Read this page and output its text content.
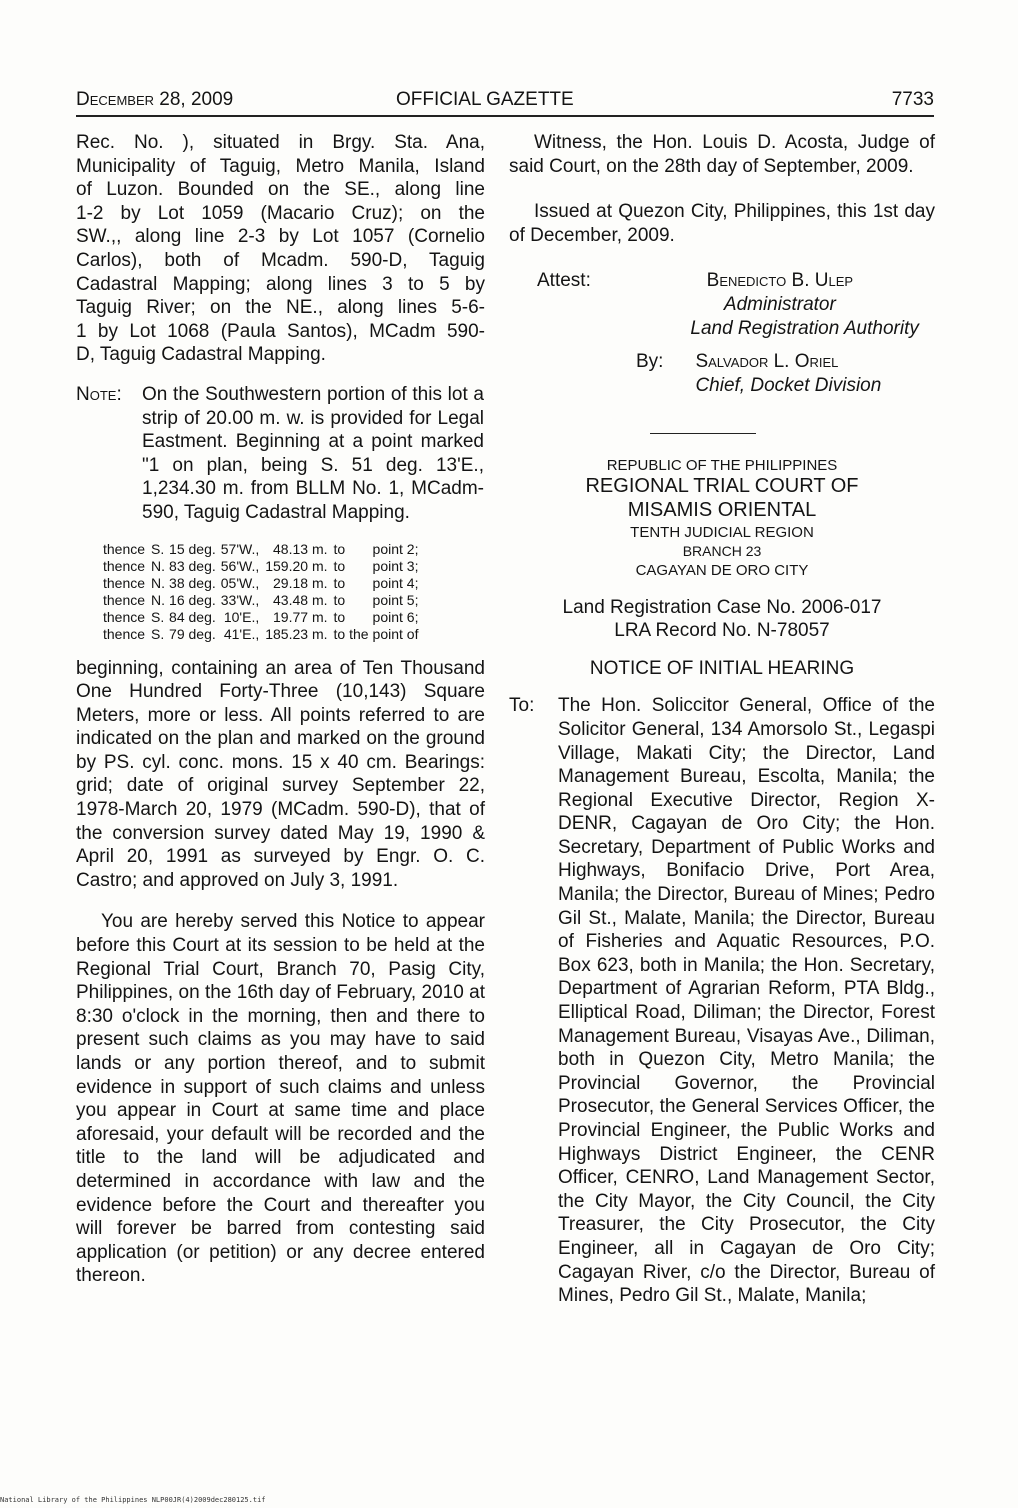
December 28, 2009	OFFICIAL GAZETTE	7733

Rec. No. ), situated in Brgy. Sta. Ana,

Municipality of Taguig, Metro Manila, Island

of Luzon. Bounded on the SE., along line

1-2 by Lot 1059 (Macario Cruz); on the

SW.,, along line 2-3 by Lot 1057 (Cornelio

Carlos), both of Mcadm. 590-D, Taguig

Cadastral Mapping; along lines 3 to 5 by

Taguig River; on the NE., along lines 5-6-

1 by Lot 1068 (Paula Santos), MCadm 590-

D, Taguig Cadastral Mapping.

Note:	On the Southwestern portion of this lot a strip of 20.00 m. w. is provided for Legal Eastment. Beginning at a point marked "1 on plan, being S. 51 deg. 13'E., 1,234.30 m. from BLLM No. 1, MCadm-590, Taguig Cadastral Mapping.
thence	S.	15 deg.	57'W.,	48.13 m.	to	point 2;
thence	N.	83 deg.	56'W.,	159.20 m.	to	point 3;
thence	N.	38 deg.	05'W.,	29.18 m.	to	point 4;
thence	N.	16 deg.	33'W.,	43.48 m.	to	point 5;
thence	S.	84 deg.	10'E.,	19.77 m.	to	point 6;
thence	S.	79 deg.	41'E.,	185.23 m.	to the	point of

beginning, containing an area of Ten Thousand One Hundred Forty-Three (10,143) Square Meters, more or less. All points referred to are indicated on the plan and marked on the ground by PS. cyl. conc. mons. 15 x 40 cm. Bearings: grid; date of original survey September 22, 1978-March 20, 1979 (MCadm. 590-D), that of the conversion survey dated May 19, 1990 & April 20, 1991 as surveyed by Engr. O. C. Castro; and approved on July 3, 1991.

You are hereby served this Notice to appear before this Court at its session to be held at the Regional Trial Court, Branch 70, Pasig City, Philippines, on the 16th day of February, 2010 at 8:30 o'clock in the morning, then and there to present such claims as you may have to said lands or any portion thereof, and to submit evidence in support of such claims and unless you appear in Court at same time and place aforesaid, your default will be recorded and the title to the land will be adjudicated and determined in accordance with law and the evidence before the Court and thereafter you will forever be barred from contesting said application (or petition) or any decree entered thereon.

Witness, the Hon. Louis D. Acosta, Judge of said Court, on the 28th day of September, 2009.

Issued at Quezon City, Philippines, this 1st day of December, 2009.

Attest:	Benedicto B. Ulep
Administrator
Land Registration Authority
By: Salvador L. Oriel
Chief, Docket Division
REPUBLIC OF THE PHILIPPINES
REGIONAL TRIAL COURT OF
MISAMIS ORIENTAL
TENTH JUDICIAL REGION
BRANCH 23
CAGAYAN DE ORO CITY
Land Registration Case No. 2006-017
LRA Record No. N-78057
NOTICE OF INITIAL HEARING
To:	The Hon. Soliccitor General, Office of the Solicitor General, 134 Amorsolo St., Legaspi Village, Makati City; the Director, Land Management Bureau, Escolta, Manila; the Regional Executive Director, Region X-DENR, Cagayan de Oro City; the Hon. Secretary, Department of Public Works and Highways, Bonifacio Drive, Port Area, Manila; the Director, Bureau of Mines; Pedro Gil St., Malate, Manila; the Director, Bureau of Fisheries and Aquatic Resources, P.O. Box 623, both in Manila; the Hon. Secretary, Department of Agrarian Reform, PTA Bldg., Elliptical Road, Diliman; the Director, Forest Management Bureau, Visayas Ave., Diliman, both in Quezon City, Metro Manila; the Provincial Governor, the Provincial Prosecutor, the General Services Officer, the Provincial Engineer, the Public Works and Highways District Engineer, the CENR Officer, CENRO, Land Management Sector, the City Mayor, the City Council, the City Treasurer, the City Prosecutor, the City Engineer, all in Cagayan de Oro City; Cagayan River, c/o the Director, Bureau of Mines, Pedro Gil St., Malate, Manila;
National Library of the Philippines NLP00JR(4)2009dec280125.tif
